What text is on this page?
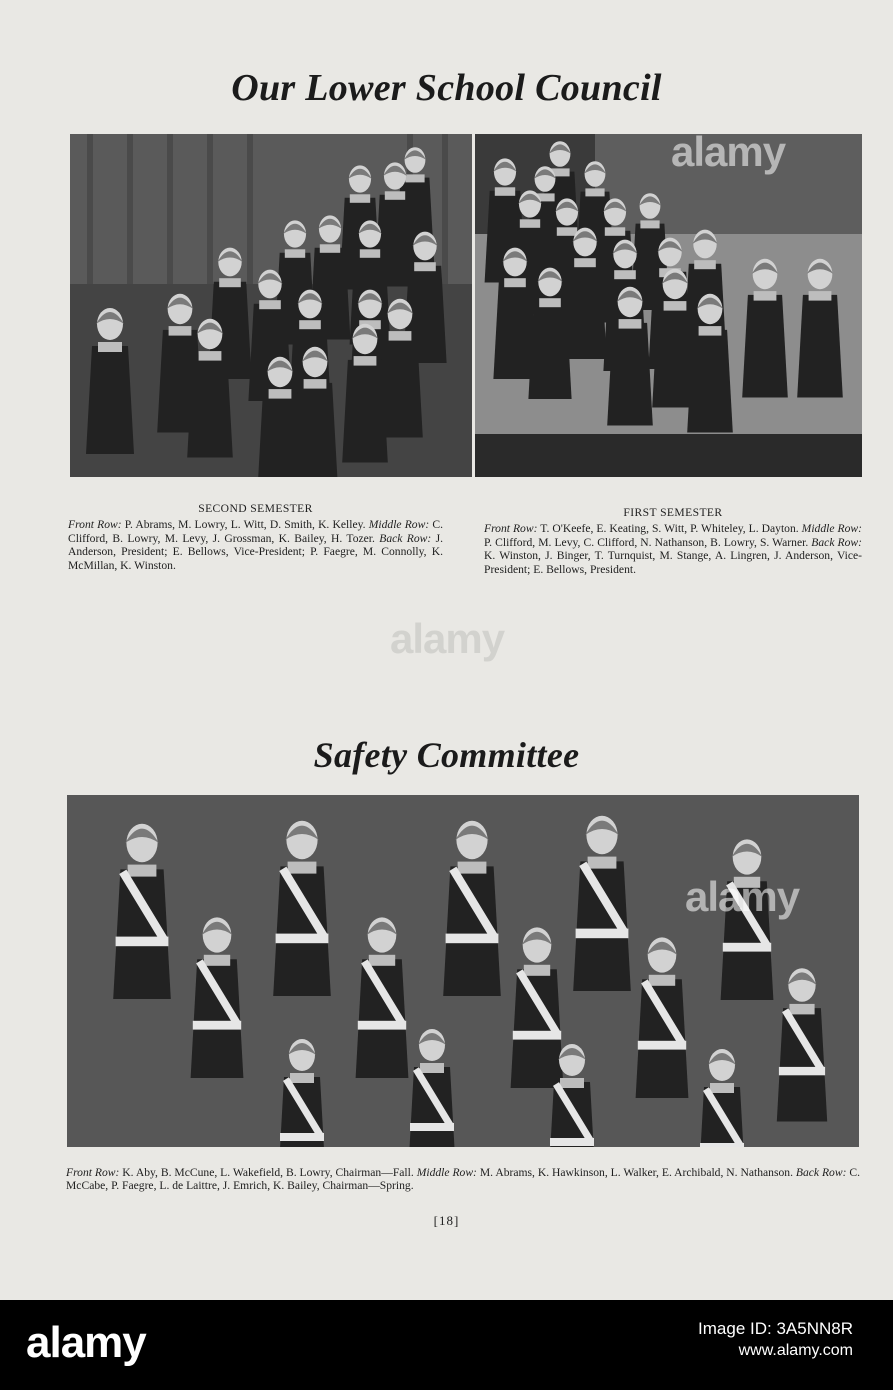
Our Lower School Council
alamy
SECOND SEMESTER
Front Row: P. Abrams, M. Lowry, L. Witt, D. Smith, K. Kelley. Middle Row: C. Clifford, B. Lowry, M. Levy, J. Grossman, K. Bailey, H. Tozer. Back Row: J. Anderson, President; E. Bellows, Vice-President; P. Faegre, M. Connolly, K. McMillan, K. Winston.
FIRST SEMESTER
Front Row: T. O'Keefe, E. Keating, S. Witt, P. Whiteley, L. Dayton. Middle Row: P. Clifford, M. Levy, C. Clifford, N. Nathanson, B. Lowry, S. Warner. Back Row: K. Winston, J. Binger, T. Turnquist, M. Stange, A. Lingren, J. Anderson, Vice-President; E. Bellows, President.
alamy
Safety Committee
alamy
Front Row: K. Aby, B. McCune, L. Wakefield, B. Lowry, Chairman—Fall. Middle Row: M. Abrams, K. Hawkinson, L. Walker, E. Archibald, N. Nathanson. Back Row: C. McCabe, P. Faegre, L. de Laittre, J. Emrich, K. Bailey, Chairman—Spring.
[18]
alamy	Image ID: 3A5NN8R
www.alamy.com
